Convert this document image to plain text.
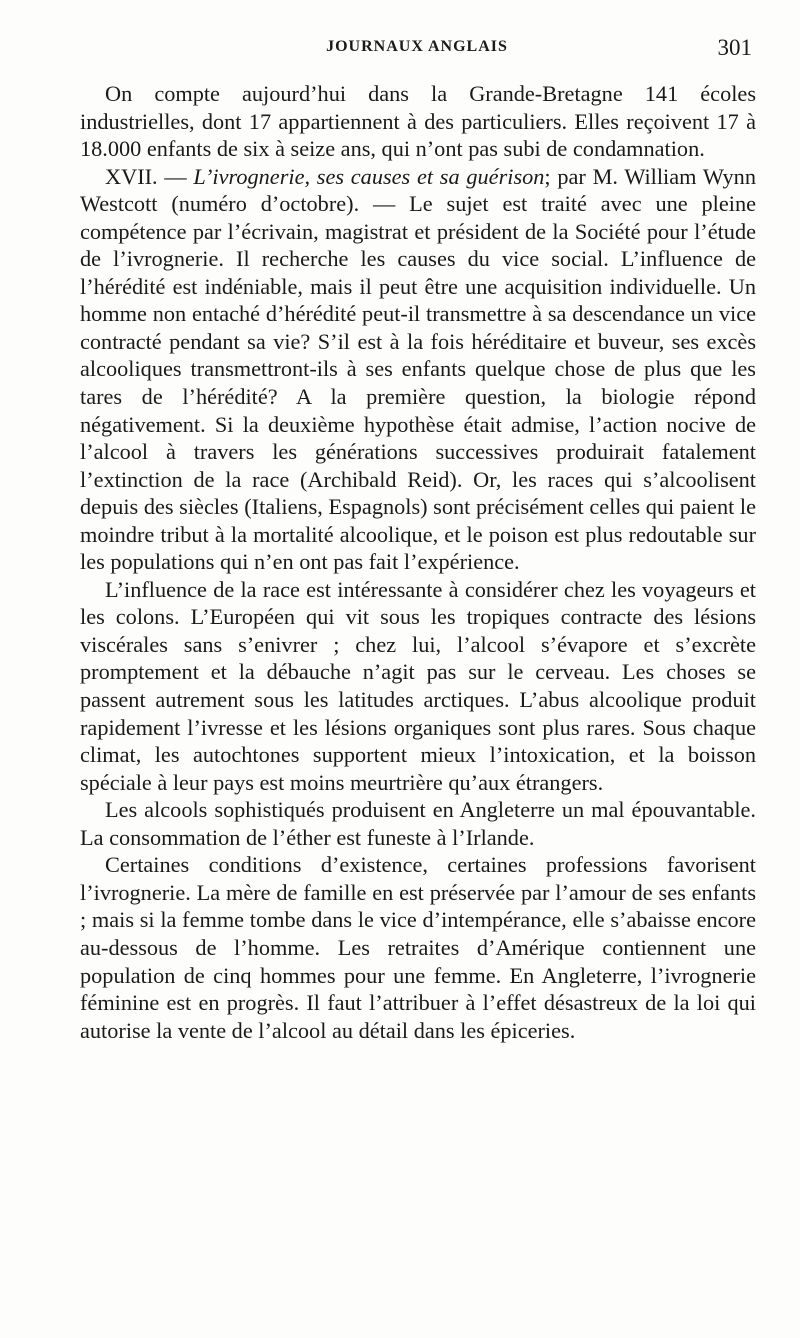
JOURNAUX ANGLAIS	301

On compte aujourd’hui dans la Grande-Bretagne 141 écoles industrielles, dont 17 appartiennent à des particuliers. Elles reçoivent 17 à 18.000 enfants de six à seize ans, qui n’ont pas subi de condamnation.

XVII. — L’ivrognerie, ses causes et sa guérison; par M. William Wynn Westcott (numéro d’octobre). — Le sujet est traité avec une pleine compétence par l’écrivain, magistrat et président de la Société pour l’étude de l’ivrognerie. Il recherche les causes du vice social. L’influence de l’hérédité est indéniable, mais il peut être une acquisition individuelle. Un homme non entaché d’hérédité peut-il transmettre à sa descendance un vice contracté pendant sa vie? S’il est à la fois héréditaire et buveur, ses excès alcooliques transmettront-ils à ses enfants quelque chose de plus que les tares de l’hérédité? A la première question, la biologie répond négativement. Si la deuxième hypothèse était admise, l’action nocive de l’alcool à travers les générations successives produirait fatalement l’extinction de la race (Archibald Reid). Or, les races qui s’alcoolisent depuis des siècles (Italiens, Espagnols) sont précisément celles qui paient le moindre tribut à la mortalité alcoolique, et le poison est plus redoutable sur les populations qui n’en ont pas fait l’expérience.

L’influence de la race est intéressante à considérer chez les voyageurs et les colons. L’Européen qui vit sous les tropiques contracte des lésions viscérales sans s’enivrer ; chez lui, l’alcool s’évapore et s’excrète promptement et la débauche n’agit pas sur le cerveau. Les choses se passent autrement sous les latitudes arctiques. L’abus alcoolique produit rapidement l’ivresse et les lésions organiques sont plus rares. Sous chaque climat, les autochtones supportent mieux l’intoxication, et la boisson spéciale à leur pays est moins meurtrière qu’aux étrangers.

Les alcools sophistiqués produisent en Angleterre un mal épouvantable. La consommation de l’éther est funeste à l’Irlande.

Certaines conditions d’existence, certaines professions favorisent l’ivrognerie. La mère de famille en est préservée par l’amour de ses enfants ; mais si la femme tombe dans le vice d’intempérance, elle s’abaisse encore au-dessous de l’homme. Les retraites d’Amérique contiennent une population de cinq hommes pour une femme. En Angleterre, l’ivrognerie féminine est en progrès. Il faut l’attribuer à l’effet désastreux de la loi qui autorise la vente de l’alcool au détail dans les épiceries.
